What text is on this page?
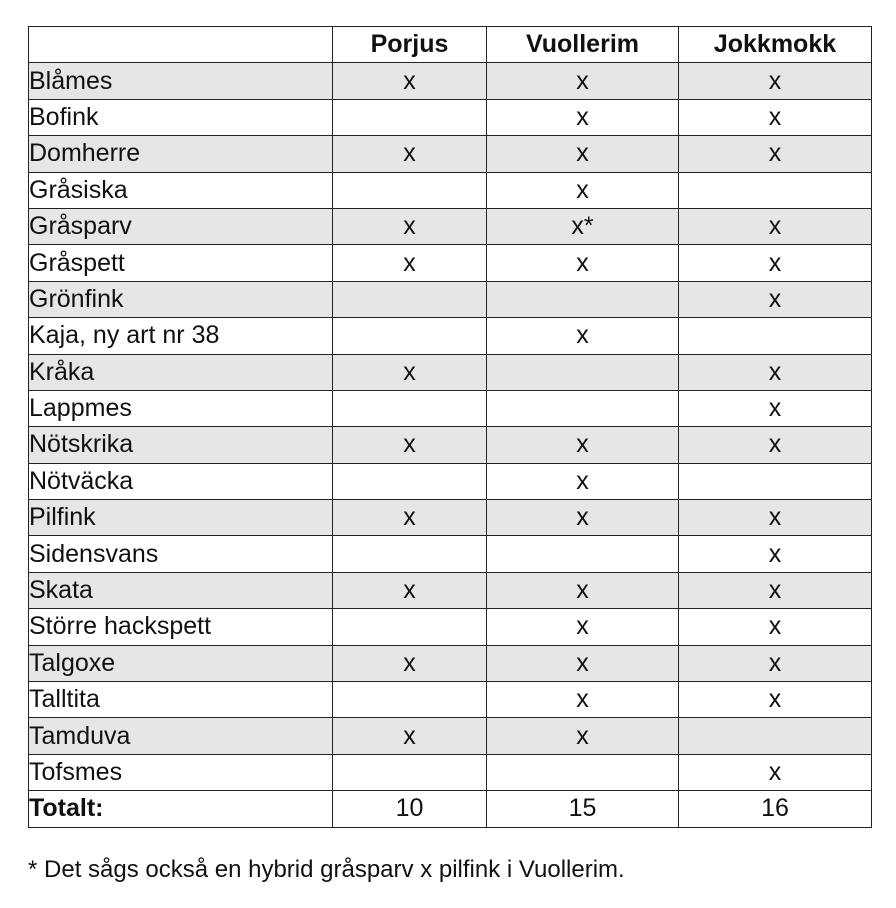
	Porjus	Vuollerim	Jokkmokk
Blåmes	x	x	x
Bofink		x	x
Domherre	x	x	x
Gråsiska		x	
Gråsparv	x	x*	x
Gråspett	x	x	x
Grönfink			x
Kaja, ny art nr 38		x	
Kråka	x		x
Lappmes			x
Nötskrika	x	x	x
Nötväcka		x	
Pilfink	x	x	x
Sidensvans			x
Skata	x	x	x
Större hackspett		x	x
Talgoxe	x	x	x
Talltita		x	x
Tamduva	x	x	
Tofsmes			x
Totalt:	10	15	16
* Det sågs också en hybrid gråsparv x pilfink i Vuollerim.
